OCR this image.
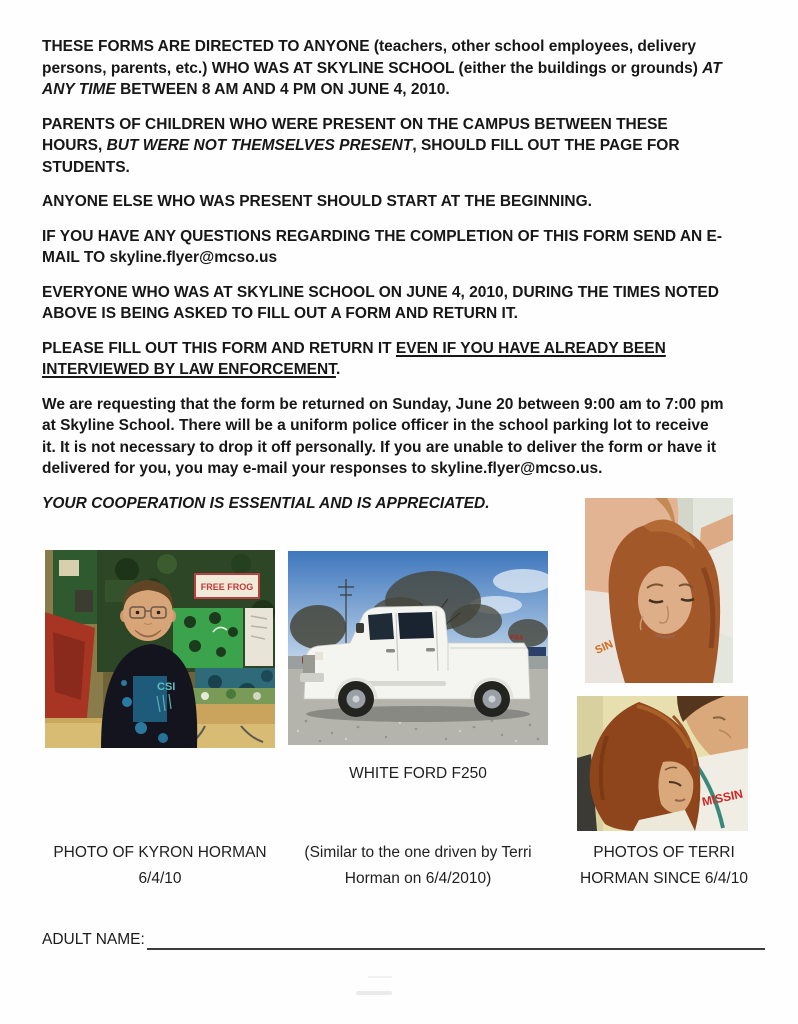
THESE FORMS ARE DIRECTED TO ANYONE (teachers, other school employees, delivery persons, parents, etc.) WHO WAS AT SKYLINE SCHOOL (either the buildings or grounds) AT ANY TIME BETWEEN 8 AM AND 4 PM ON JUNE 4, 2010.

PARENTS OF CHILDREN WHO WERE PRESENT ON THE CAMPUS BETWEEN THESE HOURS, BUT WERE NOT THEMSELVES PRESENT, SHOULD FILL OUT THE PAGE FOR STUDENTS.

ANYONE ELSE WHO WAS PRESENT SHOULD START AT THE BEGINNING.

IF YOU HAVE ANY QUESTIONS REGARDING THE COMPLETION OF THIS FORM SEND AN E-MAIL TO skyline.flyer@mcso.us

EVERYONE WHO WAS AT SKYLINE SCHOOL ON JUNE 4, 2010, DURING THE TIMES NOTED ABOVE IS BEING ASKED TO FILL OUT A FORM AND RETURN IT.

PLEASE FILL OUT THIS FORM AND RETURN IT EVEN IF YOU HAVE ALREADY BEEN INTERVIEWED BY LAW ENFORCEMENT.

We are requesting that the form be returned on Sunday, June 20 between 9:00 am to 7:00 pm at Skyline School. There will be a uniform police officer in the school parking lot to receive it. It is not necessary to drop it off personally. If you are unable to deliver the form or have it delivered for you, you may e-mail your responses to skyline.flyer@mcso.us.

YOUR COOPERATION IS ESSENTIAL AND IS APPRECIATED.

FREE FROG
CSI
FX4	SIN
MISSIN
WHITE FORD F250
PHOTO OF KYRON HORMAN
6/4/10
(Similar to the one driven by Terri
Horman on 6/4/2010)
PHOTOS OF TERRI
HORMAN SINCE 6/4/10
ADULT NAME:
